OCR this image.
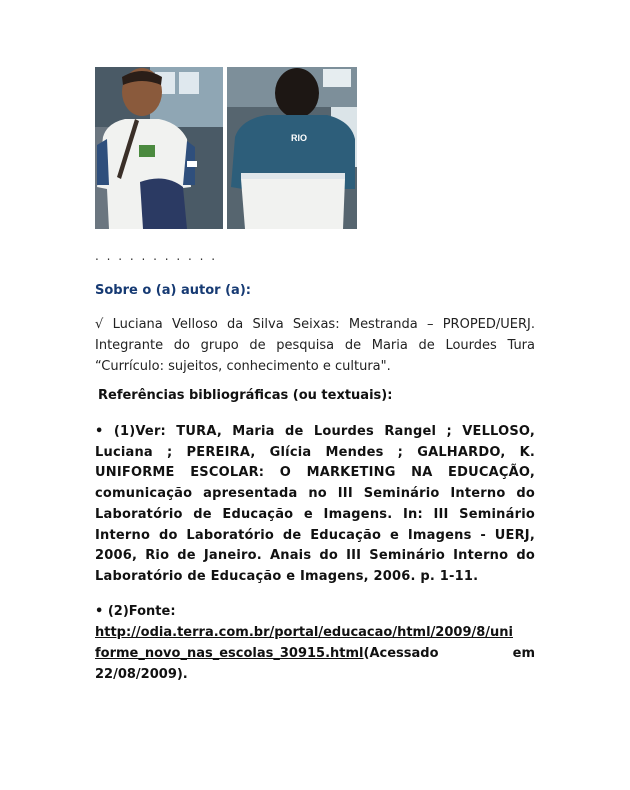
RIO
. . . . . . . . . . .
Sobre o (a) autor (a):
√ Luciana Velloso da Silva Seixas: Mestranda – PROPED/UERJ. Integrante do grupo de pesquisa de Maria de Lourdes Tura “Currículo: sujeitos, conhecimento e cultura".
Referências bibliográficas (ou textuais):
• (1)Ver: TURA, Maria de Lourdes Rangel ; VELLOSO, Luciana ; PEREIRA, Glícia Mendes ; GALHARDO, K. UNIFORME ESCOLAR: O MARKETING NA EDUCAÇÃO, comunicação apresentada no III Seminário Interno do Laboratório de Educação e Imagens. In: III Seminário Interno do Laboratório de Educação e Imagens - UERJ, 2006, Rio de Janeiro. Anais do III Seminário Interno do Laboratório de Educação e Imagens, 2006. p. 1-11.
• (2)Fonte:
http://odia.terra.com.br/portal/educacao/html/2009/8/uni
forme_novo_nas_escolas_30915.html(Acessado em
22/08/2009).
